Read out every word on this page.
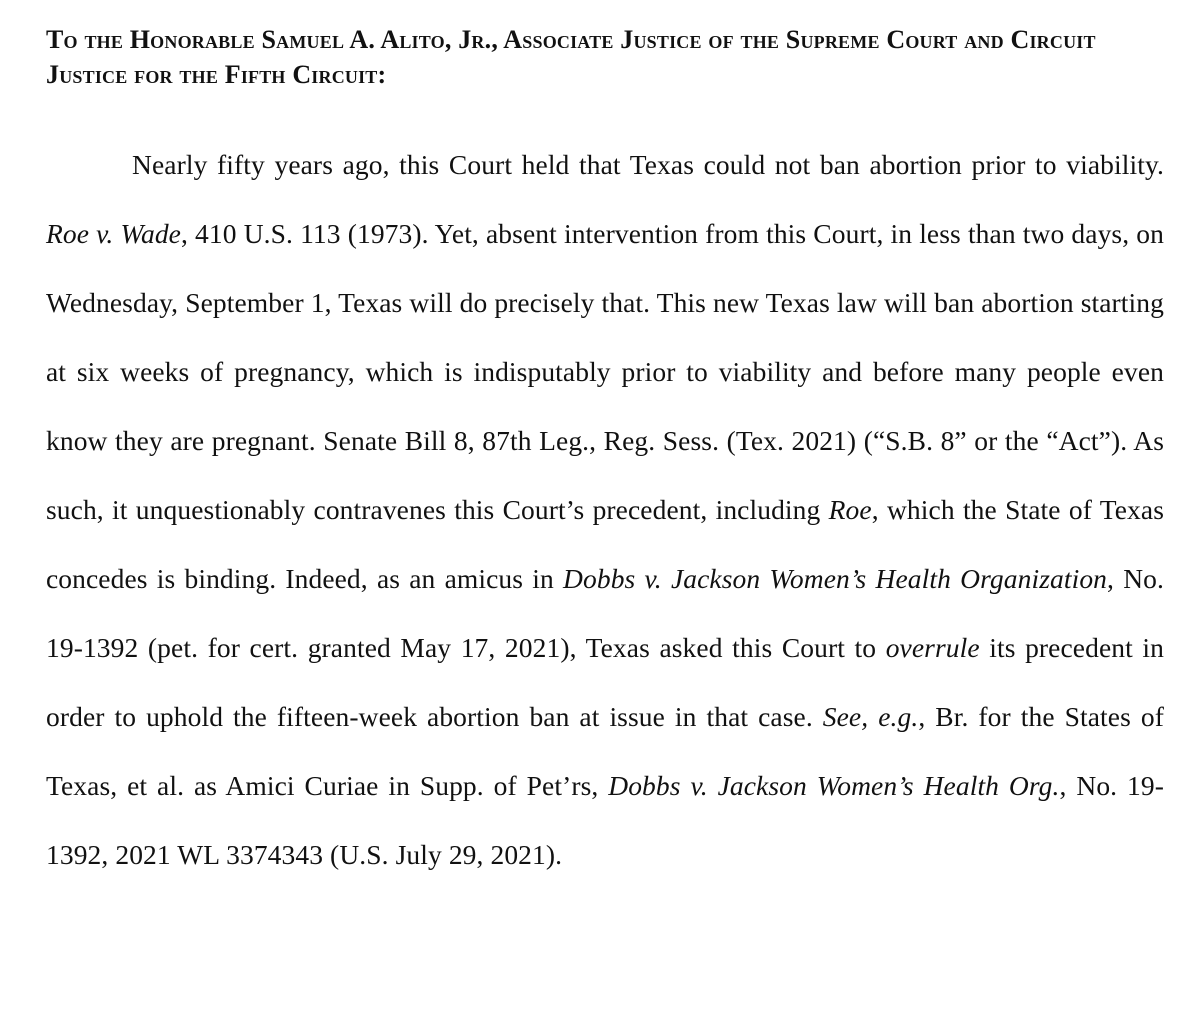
To the Honorable Samuel A. Alito, Jr., Associate Justice of the Supreme Court and Circuit Justice for the Fifth Circuit:

Nearly fifty years ago, this Court held that Texas could not ban abortion prior to viability. Roe v. Wade, 410 U.S. 113 (1973). Yet, absent intervention from this Court, in less than two days, on Wednesday, September 1, Texas will do precisely that. This new Texas law will ban abortion starting at six weeks of pregnancy, which is indisputably prior to viability and before many people even know they are pregnant. Senate Bill 8, 87th Leg., Reg. Sess. (Tex. 2021) (“S.B. 8” or the “Act”). As such, it unquestionably contravenes this Court’s precedent, including Roe, which the State of Texas concedes is binding. Indeed, as an amicus in Dobbs v. Jackson Women’s Health Organization, No. 19-1392 (pet. for cert. granted May 17, 2021), Texas asked this Court to overrule its precedent in order to uphold the fifteen-week abortion ban at issue in that case. See, e.g., Br. for the States of Texas, et al. as Amici Curiae in Supp. of Pet’rs, Dobbs v. Jackson Women’s Health Org., No. 19-1392, 2021 WL 3374343 (U.S. July 29, 2021).
